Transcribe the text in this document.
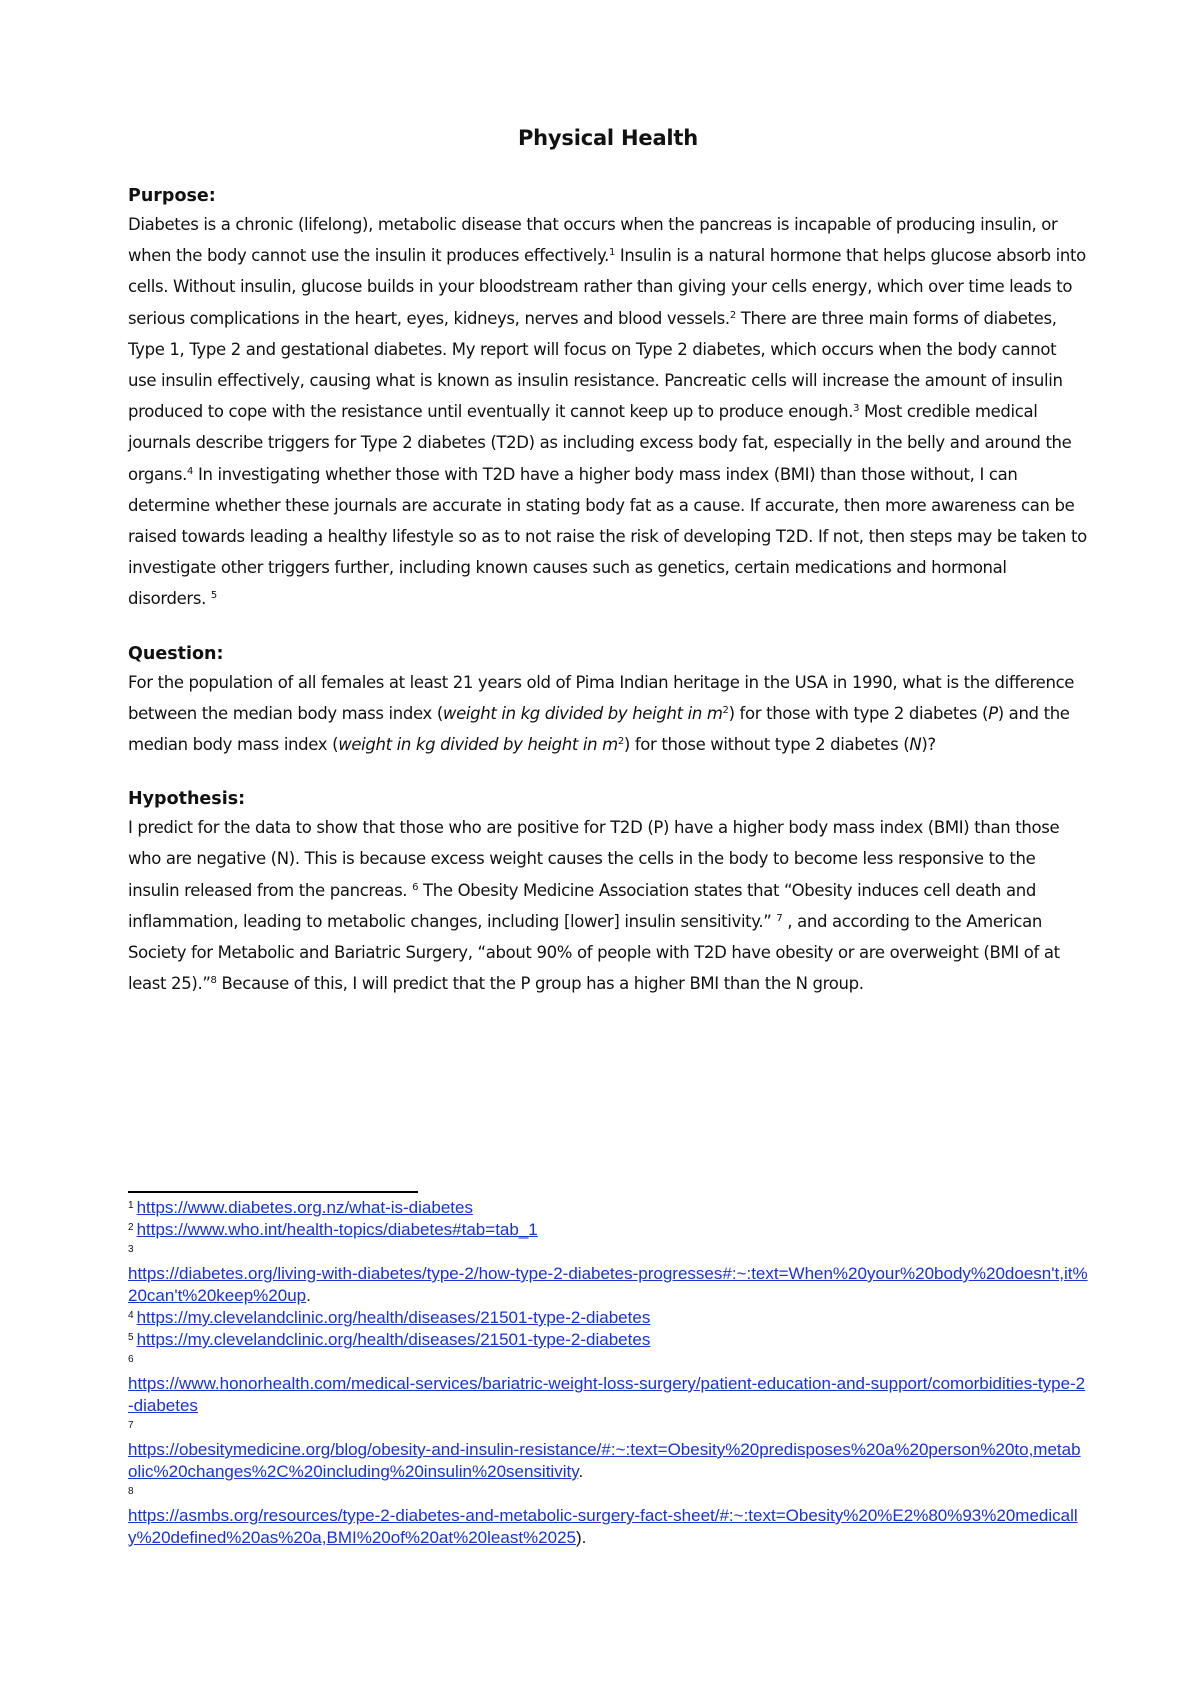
Physical Health
Purpose:

Diabetes is a chronic (lifelong), metabolic disease that occurs when the pancreas is incapable of producing insulin, or when the body cannot use the insulin it produces effectively.$^1$ Insulin is a natural hormone that helps glucose absorb into cells. Without insulin, glucose builds in your bloodstream rather than giving your cells energy, which over time leads to serious complications in the heart, eyes, kidneys, nerves and blood vessels.$^2$ There are three main forms of diabetes, Type 1, Type 2 and gestational diabetes. My report will focus on Type 2 diabetes, which occurs when the body cannot use insulin effectively, causing what is known as insulin resistance. Pancreatic cells will increase the amount of insulin produced to cope with the resistance until eventually it cannot keep up to produce enough.$^3$ Most credible medical journals describe triggers for Type 2 diabetes (T2D) as including excess body fat, especially in the belly and around the organs.$^4$ In investigating whether those with T2D have a higher body mass index (BMI) than those without, I can determine whether these journals are accurate in stating body fat as a cause. If accurate, then more awareness can be raised towards leading a healthy lifestyle so as to not raise the risk of developing T2D. If not, then steps may be taken to investigate other triggers further, including known causes such as genetics, certain medications and hormonal disorders. $^5$

Question:

For the population of all females at least 21 years old of Pima Indian heritage in the USA in 1990, what is the difference between the median body mass index (weight in kg divided by height in $m^2$) for those with type 2 diabetes (P) and the median body mass index (weight in kg divided by height in $m^2$) for those without type 2 diabetes (N)?

Hypothesis:

I predict for the data to show that those who are positive for T2D (P) have a higher body mass index (BMI) than those who are negative (N). This is because excess weight causes the cells in the body to become less responsive to the insulin released from the pancreas. $^6$ The Obesity Medicine Association states that “Obesity induces cell death and inflammation, leading to metabolic changes, including [lower] insulin sensitivity.” $^7$ , and according to the American Society for Metabolic and Bariatric Surgery, “about 90% of people with T2D have obesity or are overweight (BMI of at least 25).”$^8$ Because of this, I will predict that the P group has a higher BMI than the N group.

$^1$ https://www.diabetes.org.nz/what-is-diabetes

$^2$ https://www.who.int/health-topics/diabetes#tab=tab_1

3
https://diabetes.org/living-with-diabetes/type-2/how-type-2-diabetes-progresses#:~:text=When%20your%20body%20doesn't,it%20can't%20keep%20up.

$^4$ https://my.clevelandclinic.org/health/diseases/21501-type-2-diabetes

$^5$ https://my.clevelandclinic.org/health/diseases/21501-type-2-diabetes

6
https://www.honorhealth.com/medical-services/bariatric-weight-loss-surgery/patient-education-and-support/comorbidities-type-2-diabetes

7
https://obesitymedicine.org/blog/obesity-and-insulin-resistance/#:~:text=Obesity%20predisposes%20a%20person%20to,metabolic%20changes%2C%20including%20insulin%20sensitivity.

8
https://asmbs.org/resources/type-2-diabetes-and-metabolic-surgery-fact-sheet/#:~:text=Obesity%20%E2%80%93%20medically%20defined%20as%20a,BMI%20of%20at%20least%2025).
